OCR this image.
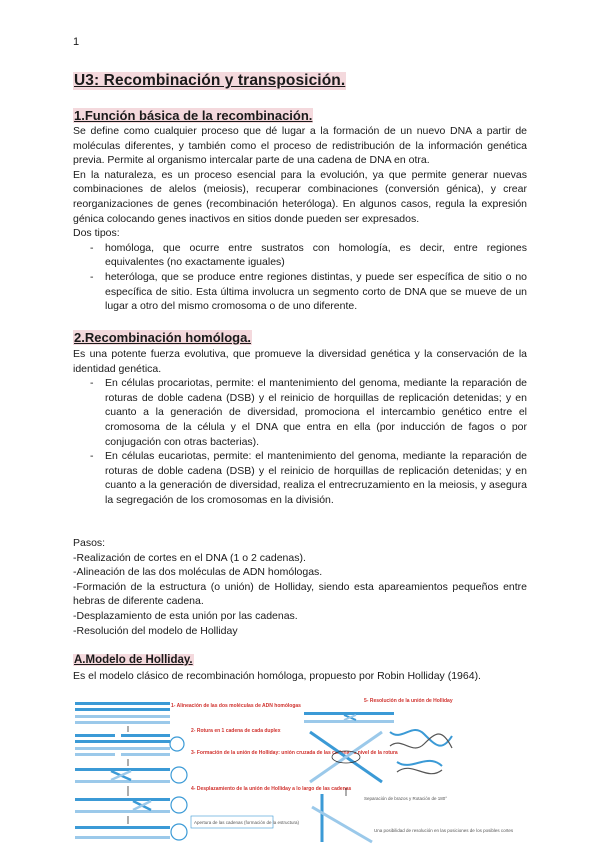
1
U3: Recombinación y transposición.
1.Función básica de la recombinación.

Se define como cualquier proceso que dé lugar a la formación de un nuevo DNA a partir de moléculas diferentes, y también como el proceso de redistribución de la información genética previa. Permite al organismo intercalar parte de una cadena de DNA en otra.

En la naturaleza, es un proceso esencial para la evolución, ya que permite generar nuevas combinaciones de alelos (meiosis), recuperar combinaciones (conversión génica), y crear reorganizaciones de genes (recombinación heteróloga). En algunos casos, regula la expresión génica colocando genes inactivos en sitios donde pueden ser expresados.

Dos tipos:

- homóloga, que ocurre entre sustratos con homología, es decir, entre regiones equivalentes (no exactamente iguales)
- heteróloga, que se produce entre regiones distintas, y puede ser específica de sitio o no específica de sitio. Esta última involucra un segmento corto de DNA que se mueve de un lugar a otro del mismo cromosoma o de uno diferente.
2.Recombinación homóloga.

Es una potente fuerza evolutiva, que promueve la diversidad genética y la conservación de la identidad genética.

- En células procariotas, permite: el mantenimiento del genoma, mediante la reparación de roturas de doble cadena (DSB) y el reinicio de horquillas de replicación detenidas; y en cuanto a la generación de diversidad, promociona el intercambio genético entre el cromosoma de la célula y el DNA que entra en ella (por inducción de fagos o por conjugación con otras bacterias).
- En células eucariotas, permite: el mantenimiento del genoma, mediante la reparación de roturas de doble cadena (DSB) y el reinicio de horquillas de replicación detenidas; y en cuanto a la generación de diversidad, realiza el entrecruzamiento en la meiosis, y asegura la segregación de los cromosomas en la división.

Pasos:

-Realización de cortes en el DNA (1 o 2 cadenas).

-Alineación de las dos moléculas de ADN homólogas.

-Formación de la estructura (o unión) de Holliday, siendo esta apareamientos pequeños entre hebras de diferente cadena.

-Desplazamiento de esta unión por las cadenas.

-Resolución del modelo de Holliday

A.Modelo de Holliday.

Es el modelo clásico de recombinación homóloga, propuesto por Robin Holliday (1964).

1- Alineación de las dos moléculas de ADN homólogas
2- Rotura en 1 cadena de cada duplex
3- Formación de la unión de Holliday: unión cruzada de las cadenas a nivel de la rotura
4- Desplazamiento de la unión de Holliday a lo largo de las cadenas
Apertura de las cadenas (formación de la estructura)
5- Resolución de la unión de Holliday
Separación de brazos y Rotación de 180°
Una posibilidad de resolución en las posiciones de los posibles cortes
